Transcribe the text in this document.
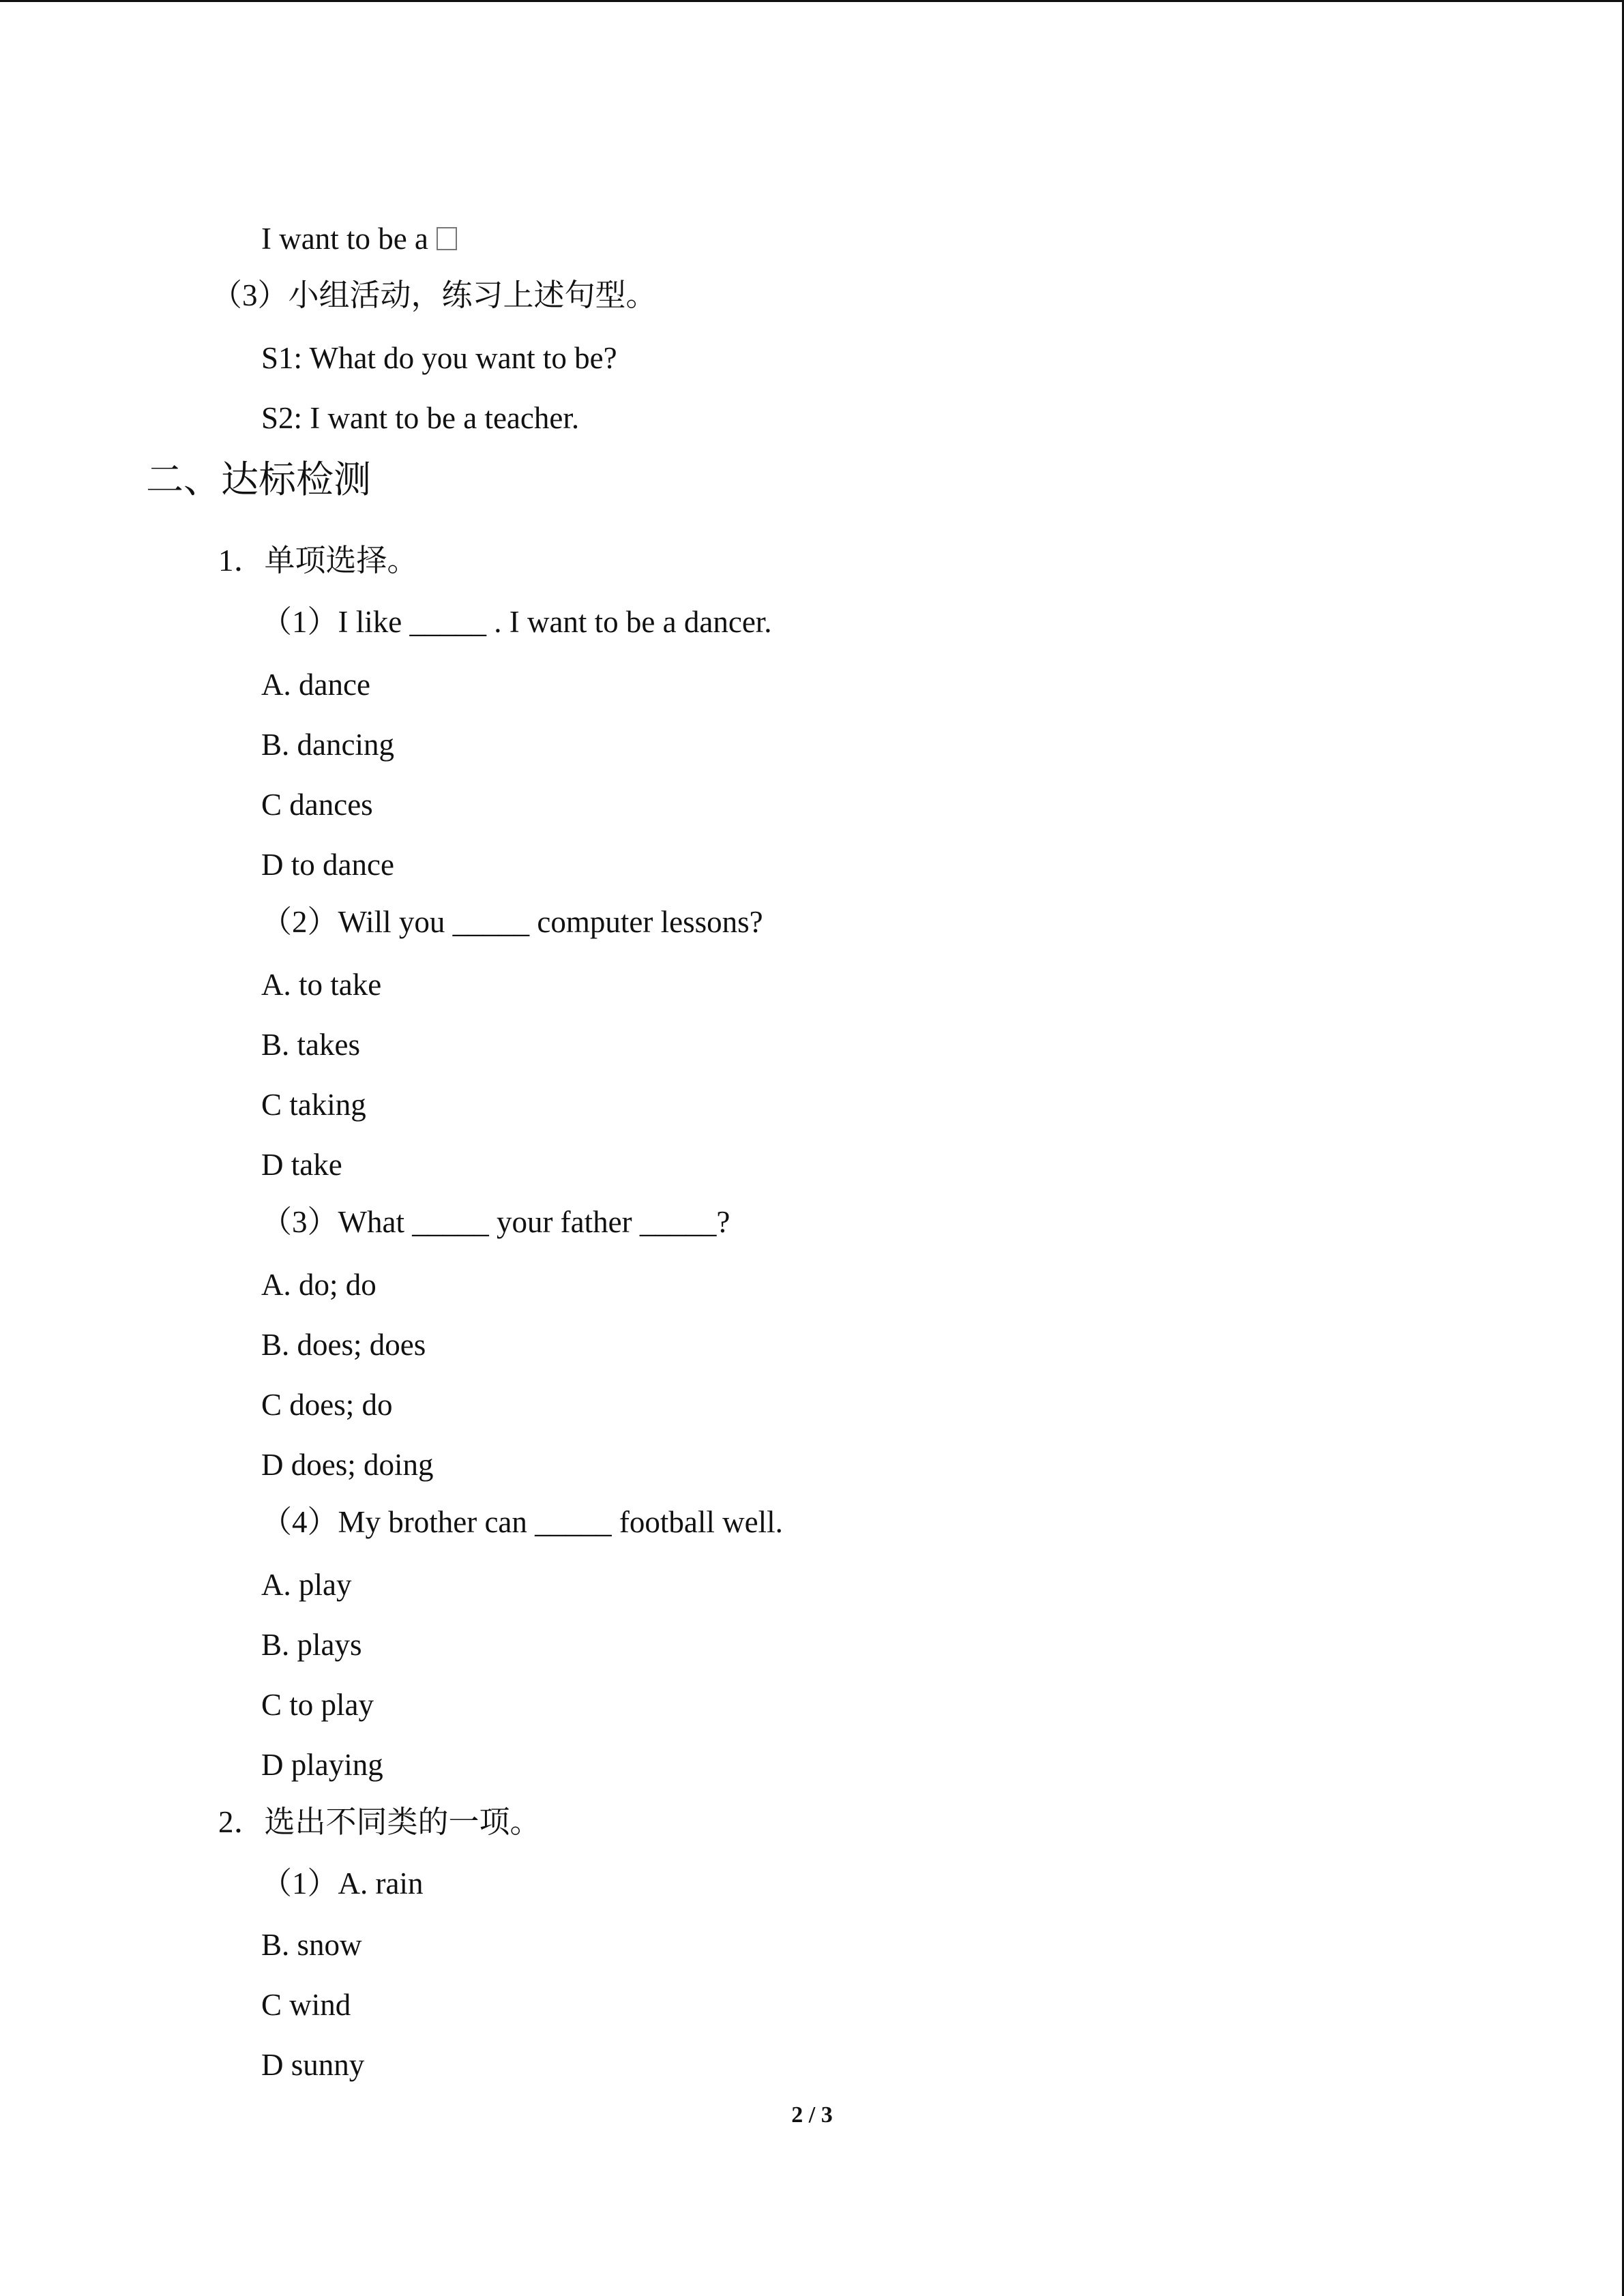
I want to be a
（3）小组活动，练习上述句型。
S1: What do you want to be?
S2: I want to be a teacher.
二、达标检测
1．单项选择。
（1）I like _____ . I want to be a dancer.
A. dance
B. dancing
C dances
D to dance
（2）Will you _____ computer lessons?
A. to take
B. takes
C taking
D take
（3）What _____ your father _____?
A. do; do
B. does; does
C does; do
D does; doing
（4）My brother can _____ football well.
A. play
B. plays
C to play
D playing
2．选出不同类的一项。
（1）A. rain
B. snow
C wind
D sunny
2 / 3
